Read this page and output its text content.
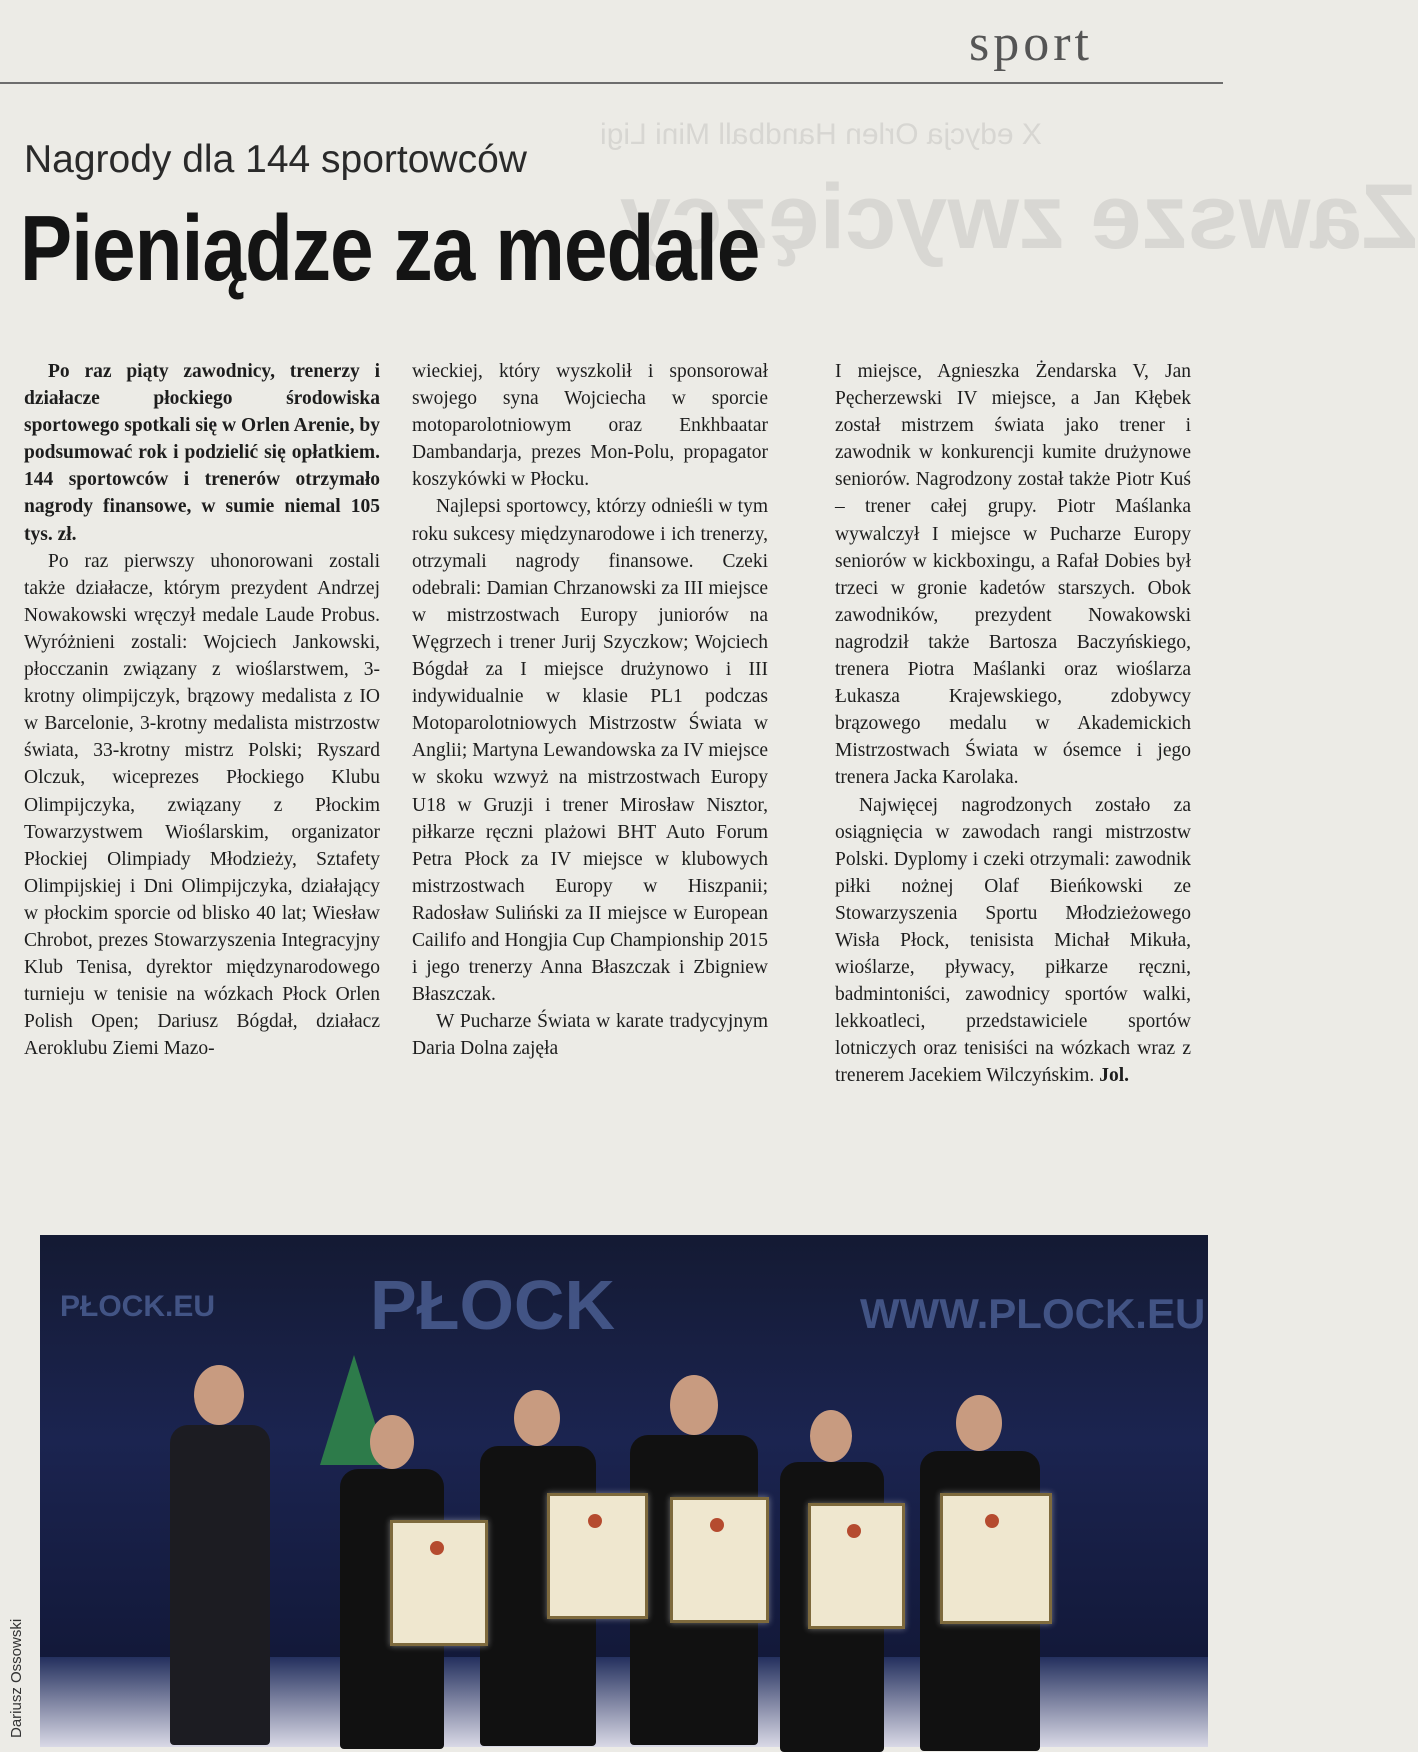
sport
X edycja Orlen Handball Mini Ligi
Zawsze zwycięzcy
Nagrody dla 144 sportowców
Pieniądze za medale

Po raz piąty zawodnicy, trenerzy i działacze płockiego środowiska sportowego spotkali się w Orlen Arenie, by podsumować rok i podzielić się opłatkiem. 144 sportowców i trenerów otrzymało nagrody finansowe, w sumie niemal 105 tys. zł.

Po raz pierwszy uhonorowani zostali także działacze, którym prezydent Andrzej Nowakowski wręczył medale Laude Probus. Wyróżnieni zostali: Wojciech Jankowski, płocczanin związany z wioślarstwem, 3-krotny olimpijczyk, brązowy medalista z IO w Barcelonie, 3-krotny medalista mistrzostw świata, 33-krotny mistrz Polski; Ryszard Olczuk, wiceprezes Płockiego Klubu Olimpijczyka, związany z Płockim Towarzystwem Wioślarskim, organizator Płockiej Olimpiady Młodzieży, Sztafety Olimpijskiej i Dni Olimpijczyka, działający w płockim sporcie od blisko 40 lat; Wiesław Chrobot, prezes Stowarzyszenia Integracyjny Klub Tenisa, dyrektor międzynarodowego turnieju w tenisie na wózkach Płock Orlen Polish Open; Dariusz Bógdał, działacz Aeroklubu Ziemi Mazo-

wieckiej, który wyszkolił i sponsorował swojego syna Wojciecha w sporcie motoparolotniowym oraz Enkhbaatar Dambandarja, prezes Mon-Polu, propagator koszykówki w Płocku.

Najlepsi sportowcy, którzy odnieśli w tym roku sukcesy międzynarodowe i ich trenerzy, otrzymali nagrody finansowe. Czeki odebrali: Damian Chrzanowski za III miejsce w mistrzostwach Europy juniorów na Węgrzech i trener Jurij Szyczkow; Wojciech Bógdał za I miejsce drużynowo i III indywidualnie w klasie PL1 podczas Motoparolotniowych Mistrzostw Świata w Anglii; Martyna Lewandowska za IV miejsce w skoku wzwyż na mistrzostwach Europy U18 w Gruzji i trener Mirosław Nisztor, piłkarze ręczni plażowi BHT Auto Forum Petra Płock za IV miejsce w klubowych mistrzostwach Europy w Hiszpanii; Radosław Suliński za II miejsce w European Cailifo and Hongjia Cup Championship 2015 i jego trenerzy Anna Błaszczak i Zbigniew Błaszczak.

W Pucharze Świata w karate tradycyjnym Daria Dolna zajęła

I miejsce, Agnieszka Żendarska V, Jan Pęcherzewski IV miejsce, a Jan Kłębek został mistrzem świata jako trener i zawodnik w konkurencji kumite drużynowe seniorów. Nagrodzony został także Piotr Kuś – trener całej grupy. Piotr Maślanka wywalczył I miejsce w Pucharze Europy seniorów w kickboxingu, a Rafał Dobies był trzeci w gronie kadetów starszych. Obok zawodników, prezydent Nowakowski nagrodził także Bartosza Baczyńskiego, trenera Piotra Maślanki oraz wioślarza Łukasza Krajewskiego, zdobywcy brązowego medalu w Akademickich Mistrzostwach Świata w ósemce i jego trenera Jacka Karolaka.

Najwięcej nagrodzonych zostało za osiągnięcia w zawodach rangi mistrzostw Polski. Dyplomy i czeki otrzymali: zawodnik piłki nożnej Olaf Bieńkowski ze Stowarzyszenia Sportu Młodzieżowego Wisła Płock, tenisista Michał Mikuła, wioślarze, pływacy, piłkarze ręczni, badmintoniści, zawodnicy sportów walki, lekkoatleci, przedstawiciele sportów lotniczych oraz tenisiści na wózkach wraz z trenerem Jacekiem Wilczyńskim. Jol.

PŁOCK.EU PŁOCK	WWW.PLOCK.EU
Dariusz Ossowski
